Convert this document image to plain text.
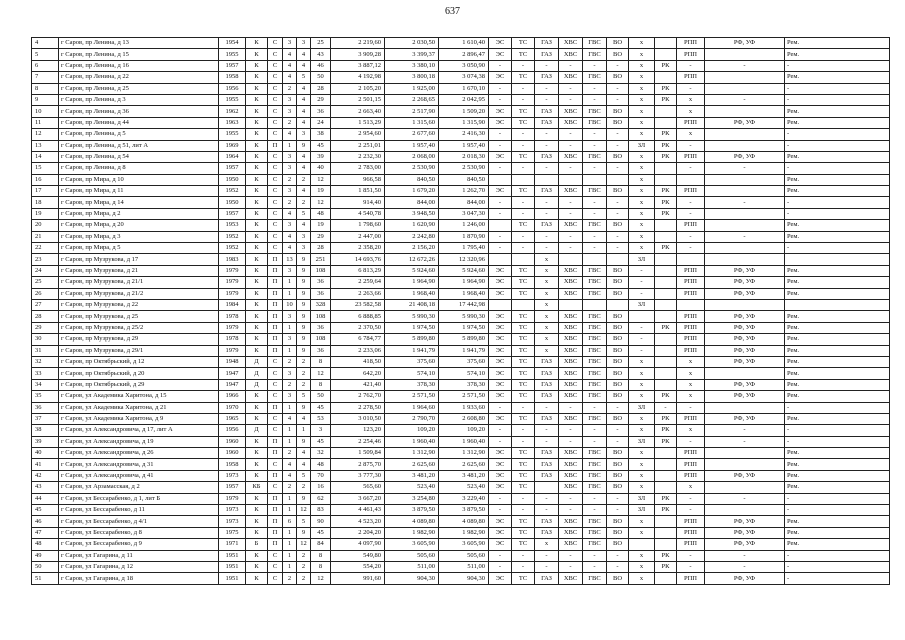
637
4	г Саров, пр Ленина, д 13	1954	К	С	3	3	25	2 219,60	2 030,50	1 610,40	ЭС	ТС	ГАЗ	ХВС	ГВС	ВО	х		РПП	РФ, УФ	Рем.
5	г Саров, пр Ленина, д 15	1955	К	С	4	4	43	3 909,28	3 399,37	2 896,47	ЭС	ТС	ГАЗ	ХВС	ГВС	ВО	х		РПП		Рем.
6	г Саров, пр Ленина, д 16	1957	К	С	4	4	46	3 887,12	3 380,10	3 050,90	-	-	-	-	-	-	х	РК	-	-	-
7	г Саров, пр Ленина, д 22	1958	К	С	4	5	50	4 192,98	3 800,18	3 074,38	ЭС	ТС	ГАЗ	ХВС	ГВС	ВО	х		РПП		Рем.
8	г Саров, пр Ленина, д 25	1956	К	С	2	4	28	2 105,20	1 925,00	1 670,10	-	-	-	-	-	-	х	РК	-		-
9	г Саров, пр Ленина, д 3	1955	К	С	3	4	29	2 501,15	2 268,65	2 042,95	-	-	-	-	-	-	х	РК	х	-	-
10	г Саров, пр Ленина, д 36	1962	К	С	3	4	36	2 663,40	2 517,90	1 509,20	ЭС	ТС	ГАЗ	ХВС	ГВС	ВО	х		х		Рем.
11	г Саров, пр Ленина, д 44	1963	К	С	2	4	24	1 513,29	1 315,60	1 315,90	ЭС	ТС	ГАЗ	ХВС	ГВС	ВО	х		РПП	РФ, УФ	Рем.
12	г Саров, пр Ленина, д 5	1955	К	С	4	3	38	2 954,60	2 677,60	2 416,30	-	-	-	-	-	-	х	РК	х		-
13	г Саров, пр Ленина, д 51, лит А	1969	К	П	1	9	45	2 251,01	1 957,40	1 957,40	-	-	-	-	-	-	ЗЛ	РК	-		-
14	г Саров, пр Ленина, д 54	1964	К	С	3	4	39	2 232,30	2 068,00	2 018,30	ЭС	ТС	ГАЗ	ХВС	ГВС	ВО	х	РК	РПП	РФ, УФ	Рем.
15	г Саров, пр Ленина, д 8	1957	К	С	3	4	40	2 783,00	2 530,90	2 530,90	-	-	-	-	-	-	х		-	-	-
16	г Саров, пр Мира, д 10	1950	К	С	2	2	12	966,58	840,50	840,50							х				Рем.
17	г Саров, пр Мира, д 11	1952	К	С	3	4	19	1 851,50	1 679,20	1 262,70	ЭС	ТС	ГАЗ	ХВС	ГВС	ВО	х	РК	РПП		Рем.
18	г Саров, пр Мира, д 14	1950	К	С	2	2	12	914,40	844,00	844,00	-	-	-	-	-	-	х	РК	-	-	-
19	г Саров, пр Мира, д 2	1957	К	С	4	5	48	4 540,78	3 948,50	3 047,30	-	-	-	-	-	-	х	РК	-		-
20	г Саров, пр Мира, д 20	1953	К	С	3	4	19	1 798,60	1 620,90	1 246,00		ТС	ГАЗ	ХВС	ГВС	ВО	х		РПП		Рем.
21	г Саров, пр Мира, д 3	1952	К	С	4	3	29	2 447,00	2 242,80	1 870,90	-	-	-	-	-	-	х		-	-	Рем.
22	г Саров, пр Мира, д 5	1952	К	С	4	3	28	2 358,20	2 156,20	1 795,40	-	-	-	-	-	-	х	РК	-		-
23	г Саров, пр Музрукова, д 17	1983	К	П	13	9	251	14 693,76	12 672,26	12 320,96			х				ЗЛ				
24	г Саров, пр Музрукова, д 21	1979	К	П	3	9	108	6 813,29	5 924,60	5 924,60	ЭС	ТС	х	ХВС	ГВС	ВО	-		РПП	РФ, УФ	Рем.
25	г Саров, пр Музрукова, д 21/1	1979	К	П	1	9	36	2 259,64	1 964,90	1 964,90	ЭС	ТС	х	ХВС	ГВС	ВО	-		РПП	РФ, УФ	Рем.
26	г Саров, пр Музрукова, д 21/2	1979	К	П	1	9	36	2 263,66	1 968,40	1 968,40	ЭС	ТС	х	ХВС	ГВС	ВО	-		РПП	РФ, УФ	Рем.
27	г Саров, пр Музрукова, д 22	1984	К	П	10	9	328	23 582,58	21 408,18	17 442,98			х				ЗЛ				
28	г Саров, пр Музрукова, д 25	1978	К	П	3	9	108	6 888,85	5 990,30	5 990,30	ЭС	ТС	х	ХВС	ГВС	ВО			РПП	РФ, УФ	Рем.
29	г Саров, пр Музрукова, д 25/2	1979	К	П	1	9	36	2 370,50	1 974,50	1 974,50	ЭС	ТС	х	ХВС	ГВС	ВО	-	РК	РПП	РФ, УФ	Рем.
30	г Саров, пр Музрукова, д 29	1978	К	П	3	9	108	6 784,77	5 899,80	5 899,80	ЭС	ТС	х	ХВС	ГВС	ВО	-		РПП	РФ, УФ	Рем.
31	г Саров, пр Музрукова, д 29/1	1979	К	П	1	9	36	2 233,06	1 941,79	1 941,79	ЭС	ТС	х	ХВС	ГВС	ВО	-		РПП	РФ, УФ	Рем.
32	г Саров, пр Октябрьский, д 12	1948	Д	С	2	2	8	418,50	375,60	375,60	ЭС	ТС	ГАЗ	ХВС	ГВС	ВО	х		х	РФ, УФ	Рем.
33	г Саров, пр Октябрьский, д 20	1947	Д	С	3	2	12	642,20	574,10	574,10	ЭС	ТС	ГАЗ	ХВС	ГВС	ВО	х		х		Рем.
34	г Саров, пр Октябрьский, д 29	1947	Д	С	2	2	8	421,40	378,30	378,30	ЭС	ТС	ГАЗ	ХВС	ГВС	ВО	х		х	РФ, УФ	Рем.
35	г Саров, ул Академика Харитона, д 15	1966	К	С	3	5	50	2 762,70	2 571,50	2 571,50	ЭС	ТС	ГАЗ	ХВС	ГВС	ВО	х	РК	х	РФ, УФ	Рем.
36	г Саров, ул Академика Харитона, д 21	1970	К	П	1	9	45	2 278,50	1 964,60	1 933,60	-	-	-	-	-	-	ЗЛ	-	-		-
37	г Саров, ул Академика Харитона, д 9	1965	К	С	4	4	53	3 010,50	2 790,70	2 608,80	ЭС	ТС	ГАЗ	ХВС	ГВС	ВО	х	РК	РПП	РФ, УФ	Рем.
38	г Саров, ул Александровича, д 17, лит А	1956	Д	С	1	1	3	123,20	109,20	109,20	-	-	-	-	-	-	х	РК	х	-	-
39	г Саров, ул Александровича, д 19	1960	К	П	1	9	45	2 254,46	1 960,40	1 960,40	-	-	-	-	-	-	ЗЛ	РК	-	-	-
40	г Саров, ул Александровича, д 26	1960	К	П	2	4	32	1 509,84	1 312,90	1 312,90	ЭС	ТС	ГАЗ	ХВС	ГВС	ВО	х		РПП		Рем.
41	г Саров, ул Александровича, д 31	1958	К	С	4	4	48	2 875,70	2 625,60	2 625,60	ЭС	ТС	ГАЗ	ХВС	ГВС	ВО	х		РПП		Рем.
42	г Саров, ул Александровича, д 41	1973	К	П	4	5	70	3 777,30	3 481,20	3 481,20	ЭС	ТС	ГАЗ	ХВС	ГВС	ВО	х		РПП	РФ, УФ	Рем.
43	г Саров, ул Арзамасская, д 2	1957	КБ	С	2	2	16	565,60	523,40	523,40	ЭС	ТС		ХВС	ГВС	ВО	х		х		Рем.
44	г Саров, ул Бессарабенко, д 1, лит Б	1979	К	П	1	9	62	3 667,20	3 254,80	3 229,40	-	-	-	-	-	-	ЗЛ	РК	-	-	-
45	г Саров, ул Бессарабенко, д 11	1973	К	П	1	12	83	4 461,43	3 879,50	3 879,50	-	-	-	-	-	-	ЗЛ	РК	-		-
46	г Саров, ул Бессарабенко, д 4/1	1973	К	П	6	5	90	4 523,20	4 089,80	4 089,80	ЭС	ТС	ГАЗ	ХВС	ГВС	ВО	х		РПП	РФ, УФ	Рем.
47	г Саров, ул Бессарабенко, д 8	1975	К	П	1	9	45	2 204,20	1 982,90	1 982,90	ЭС	ТС	ГАЗ	ХВС	ГВС	ВО	х		РПП	РФ, УФ	Рем.
48	г Саров, ул Бессарабенко, д 9	1971	Б	П	1	12	84	4 097,90	3 605,90	3 605,90	ЭС	ТС	х	ХВС	ГВС	ВО			РПП	РФ, УФ	Рем.
49	г Саров, ул Гагарина, д 11	1951	К	С	1	2	8	549,80	505,60	505,60	-	-	-	-	-	-	х	РК	-	-	-
50	г Саров, ул Гагарина, д 12	1951	К	С	1	2	8	554,20	511,00	511,00	-	-	-	-	-	-	х	РК	-	-	-
51	г Саров, ул Гагарина, д 18	1951	К	С	2	2	12	991,60	904,30	904,30	ЭС	ТС	ГАЗ	ХВС	ГВС	ВО	х		РПП	РФ, УФ	-
